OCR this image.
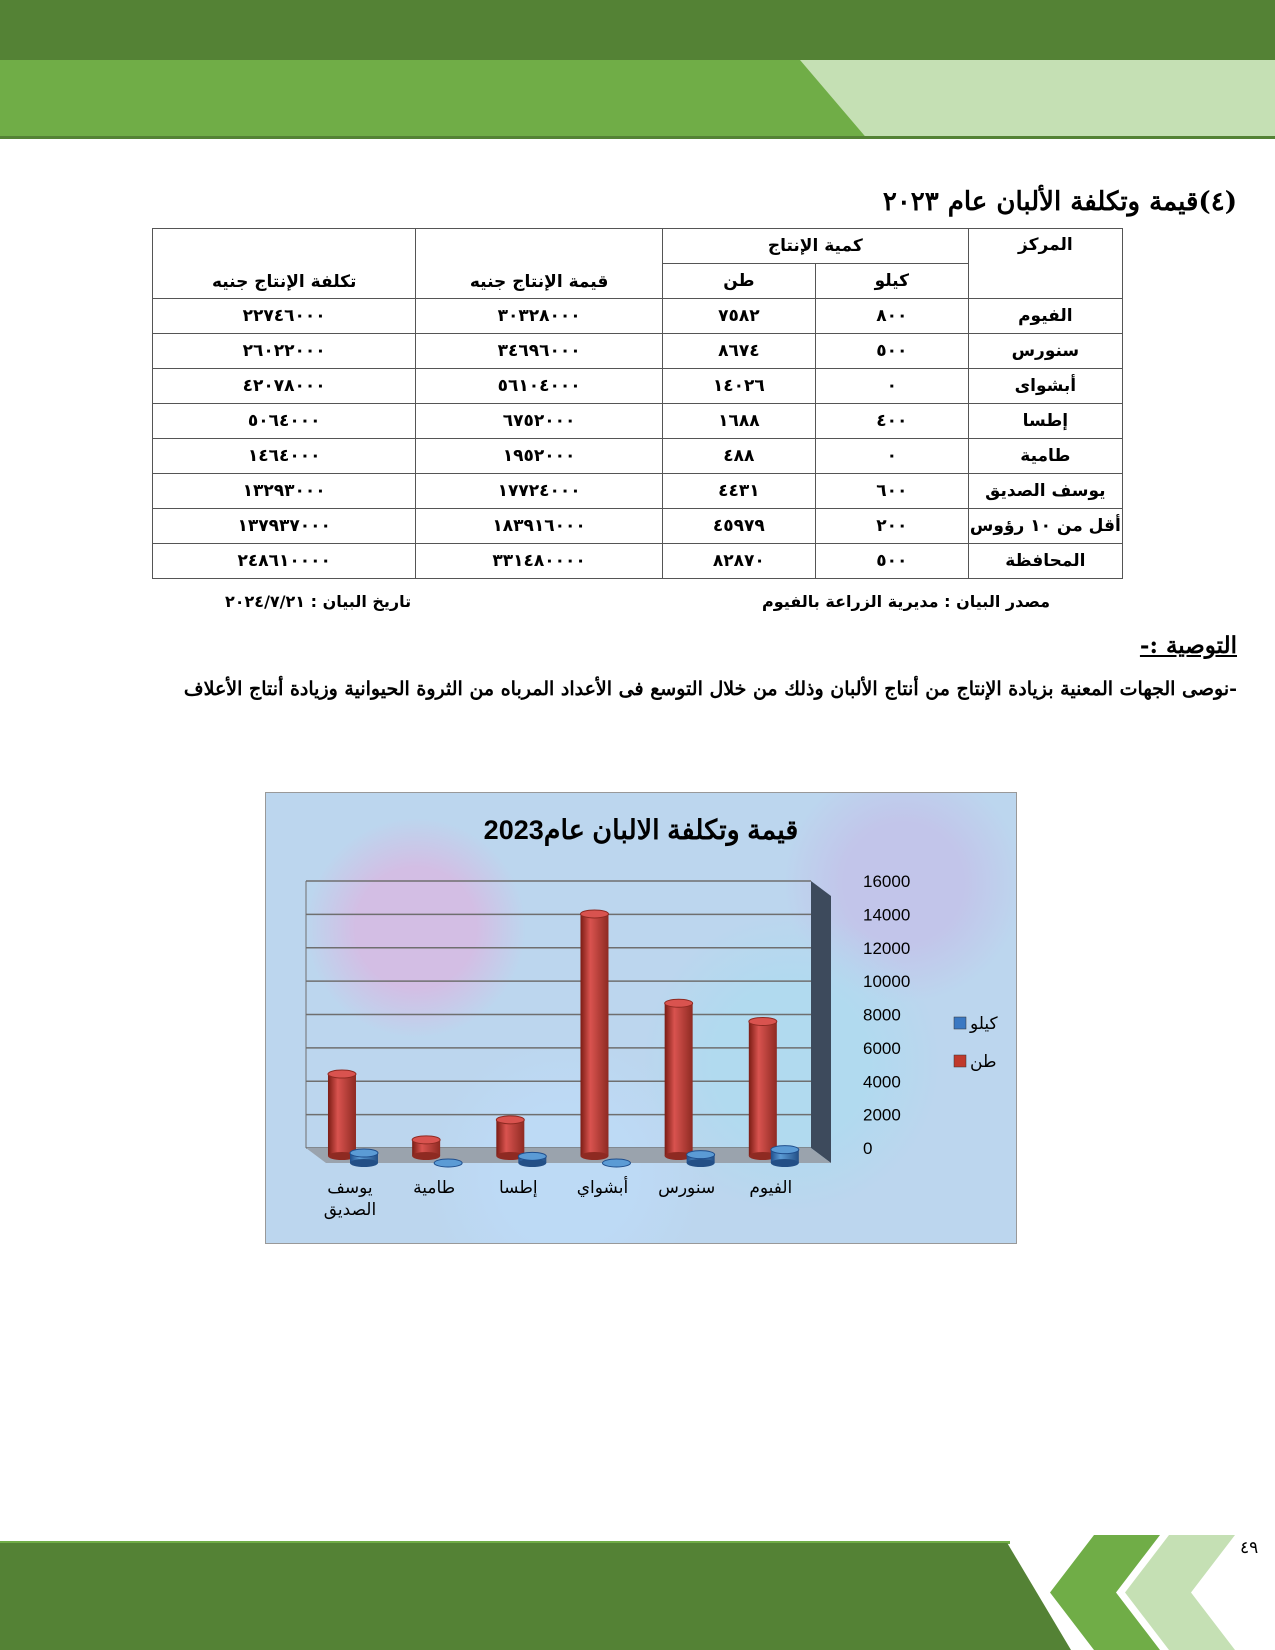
(٤)قيمة وتكلفة الألبان عام ٢٠٢٣
المركز	كمية الإنتاج		قيمة الإنتاج جنيه	تكلفة الإنتاج جنيه
	كيلو	طن		
الفيوم	٨٠٠	٧٥٨٢	٣٠٣٢٨٠٠٠	٢٢٧٤٦٠٠٠
سنورس	٥٠٠	٨٦٧٤	٣٤٦٩٦٠٠٠	٢٦٠٢٢٠٠٠
أبشواى	٠	١٤٠٢٦	٥٦١٠٤٠٠٠	٤٢٠٧٨٠٠٠
إطسا	٤٠٠	١٦٨٨	٦٧٥٢٠٠٠	٥٠٦٤٠٠٠
طامية	٠	٤٨٨	١٩٥٢٠٠٠	١٤٦٤٠٠٠
يوسف الصديق	٦٠٠	٤٤٣١	١٧٧٢٤٠٠٠	١٣٢٩٣٠٠٠
أقل من ١٠ رؤوس	٢٠٠	٤٥٩٧٩	١٨٣٩١٦٠٠٠	١٣٧٩٣٧٠٠٠
المحافظة	٥٠٠	٨٢٨٧٠	٣٣١٤٨٠٠٠٠	٢٤٨٦١٠٠٠٠
مصدر البيان : مديرية الزراعة بالفيوم
تاريخ البيان : ٢٠٢٤/٧/٢١
التوصية :-
-نوصى الجهات المعنية بزيادة الإنتاج من أنتاج الألبان وذلك من خلال التوسع فى الأعداد المرباه من الثروة الحيوانية وزيادة أنتاج الأعلاف
قيمة وتكلفة الالبان عام2023
0
2000
4000
6000
8000
10000
12000
14000
16000
الفيوم
سنورس
أبشواي
إطسا
طامية
يوسف
الصديق
كيلو
طن
٤٩
